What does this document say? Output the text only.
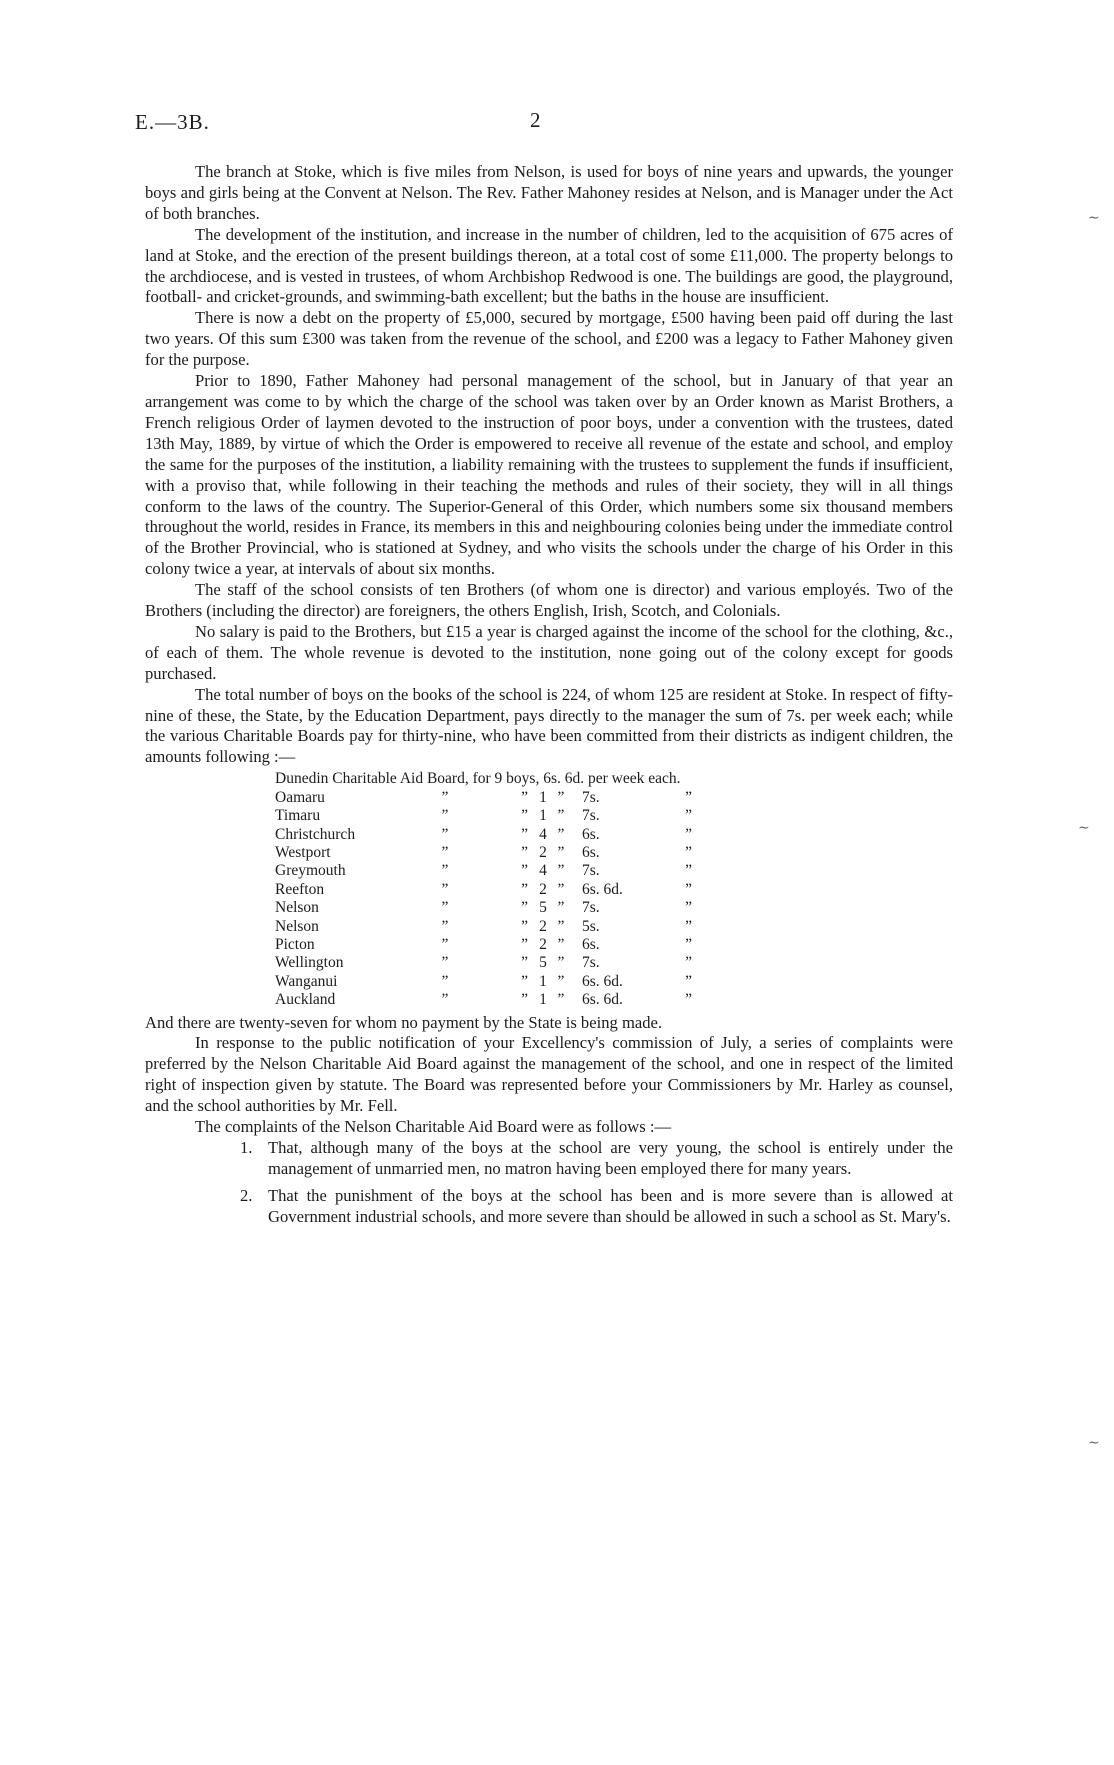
E.—3B.	2

The branch at Stoke, which is five miles from Nelson, is used for boys of nine years and upwards, the younger boys and girls being at the Convent at Nelson. The Rev. Father Mahoney resides at Nelson, and is Manager under the Act of both branches.

The development of the institution, and increase in the number of children, led to the acquisition of 675 acres of land at Stoke, and the erection of the present buildings thereon, at a total cost of some £11,000. The property belongs to the archdiocese, and is vested in trustees, of whom Archbishop Redwood is one. The buildings are good, the playground, football- and cricket-grounds, and swimming-bath excellent; but the baths in the house are insufficient.

There is now a debt on the property of £5,000, secured by mortgage, £500 having been paid off during the last two years. Of this sum £300 was taken from the revenue of the school, and £200 was a legacy to Father Mahoney given for the purpose.

Prior to 1890, Father Mahoney had personal management of the school, but in January of that year an arrangement was come to by which the charge of the school was taken over by an Order known as Marist Brothers, a French religious Order of laymen devoted to the instruction of poor boys, under a convention with the trustees, dated 13th May, 1889, by virtue of which the Order is empowered to receive all revenue of the estate and school, and employ the same for the purposes of the institution, a liability remaining with the trustees to supplement the funds if insufficient, with a proviso that, while following in their teaching the methods and rules of their society, they will in all things conform to the laws of the country. The Superior-General of this Order, which numbers some six thousand members throughout the world, resides in France, its members in this and neighbouring colonies being under the immediate control of the Brother Provincial, who is stationed at Sydney, and who visits the schools under the charge of his Order in this colony twice a year, at intervals of about six months.

The staff of the school consists of ten Brothers (of whom one is director) and various employés. Two of the Brothers (including the director) are foreigners, the others English, Irish, Scotch, and Colonials.

No salary is paid to the Brothers, but £15 a year is charged against the income of the school for the clothing, &c., of each of them. The whole revenue is devoted to the institution, none going out of the colony except for goods purchased.

The total number of boys on the books of the school is 224, of whom 125 are resident at Stoke. In respect of fifty-nine of these, the State, by the Education Department, pays directly to the manager the sum of 7s. per week each; while the various Charitable Boards pay for thirty-nine, who have been committed from their districts as indigent children, the amounts following :—

Dunedin Charitable Aid Board, for 9 boys, 6s. 6d. per week each.						
Oamaru	”	”	1	”	7s.	”
Timaru	”	”	1	”	7s.	”
Christchurch	”	”	4	”	6s.	”
Westport	”	”	2	”	6s.	”
Greymouth	”	”	4	”	7s.	”
Reefton	”	”	2	”	6s. 6d.	”
Nelson	”	”	5	”	7s.	”
Nelson	”	”	2	”	5s.	”
Picton	”	”	2	”	6s.	”
Wellington	”	”	5	”	7s.	”
Wanganui	”	”	1	”	6s. 6d.	”
Auckland	”	”	1	”	6s. 6d.	”

And there are twenty-seven for whom no payment by the State is being made.

In response to the public notification of your Excellency's commission of July, a series of complaints were preferred by the Nelson Charitable Aid Board against the management of the school, and one in respect of the limited right of inspection given by statute. The Board was represented before your Commissioners by Mr. Harley as counsel, and the school authorities by Mr. Fell.

The complaints of the Nelson Charitable Aid Board were as follows :—

1. That, although many of the boys at the school are very young, the school is entirely under the management of unmarried men, no matron having been employed there for many years.
2. That the punishment of the boys at the school has been and is more severe than is allowed at Government industrial schools, and more severe than should be allowed in such a school as St. Mary's.
∼
∼
∼
